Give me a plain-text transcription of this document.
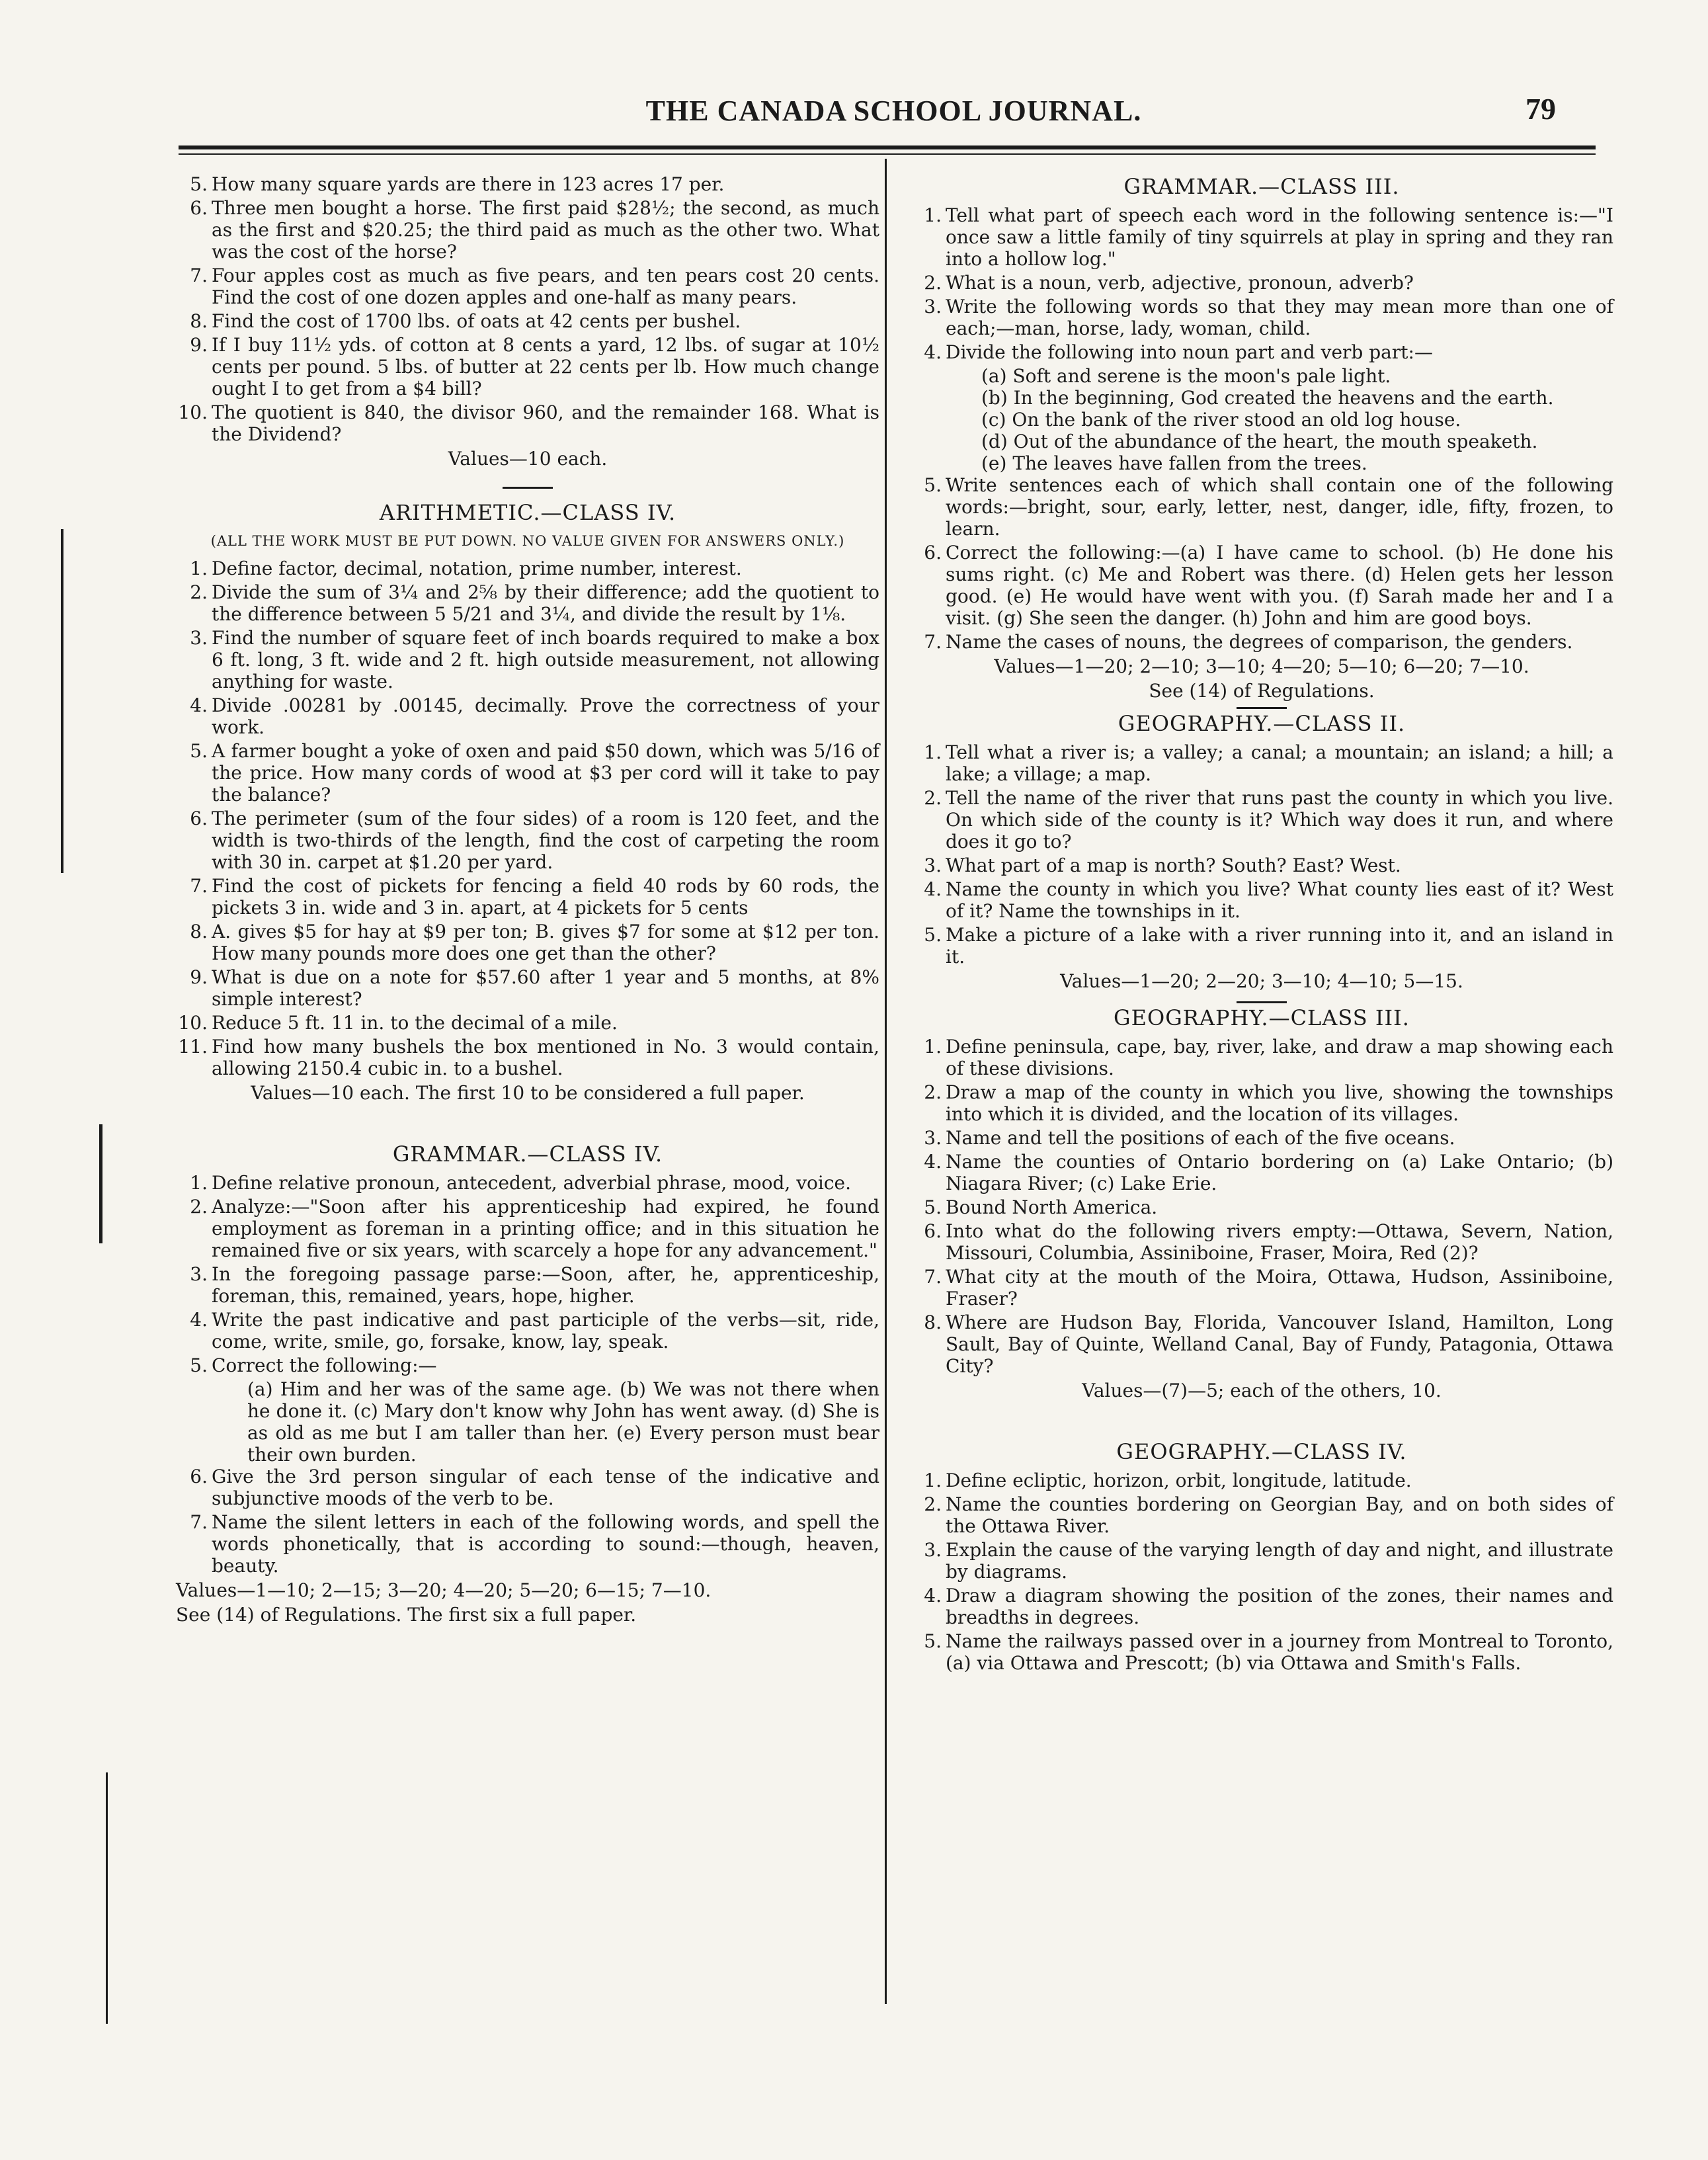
THE CANADA SCHOOL JOURNAL.	79
5. How many square yards are there in 123 acres 17 per.
6. Three men bought a horse. The first paid $28½; the second, as much as the first and $20.25; the third paid as much as the other two. What was the cost of the horse?
7. Four apples cost as much as five pears, and ten pears cost 20 cents. Find the cost of one dozen apples and one-half as many pears.
8. Find the cost of 1700 lbs. of oats at 42 cents per bushel.
9. If I buy 11½ yds. of cotton at 8 cents a yard, 12 lbs. of sugar at 10½ cents per pound. 5 lbs. of butter at 22 cents per lb. How much change ought I to get from a $4 bill?
10. The quotient is 840, the divisor 960, and the remainder 168. What is the Dividend?
Values—10 each.
ARITHMETIC.—CLASS IV.
(ALL THE WORK MUST BE PUT DOWN. NO VALUE GIVEN FOR ANSWERS ONLY.)
1. Define factor, decimal, notation, prime number, interest.
2. Divide the sum of 3¼ and 2⅝ by their difference; add the quotient to the difference between 5 5/21 and 3¼, and divide the result by 1⅛.
3. Find the number of square feet of inch boards required to make a box 6 ft. long, 3 ft. wide and 2 ft. high outside measurement, not allowing anything for waste.
4. Divide .00281 by .00145, decimally. Prove the correctness of your work.
5. A farmer bought a yoke of oxen and paid $50 down, which was 5/16 of the price. How many cords of wood at $3 per cord will it take to pay the balance?
6. The perimeter (sum of the four sides) of a room is 120 feet, and the width is two-thirds of the length, find the cost of carpeting the room with 30 in. carpet at $1.20 per yard.
7. Find the cost of pickets for fencing a field 40 rods by 60 rods, the pickets 3 in. wide and 3 in. apart, at 4 pickets for 5 cents
8. A. gives $5 for hay at $9 per ton; B. gives $7 for some at $12 per ton. How many pounds more does one get than the other?
9. What is due on a note for $57.60 after 1 year and 5 months, at 8% simple interest?
10. Reduce 5 ft. 11 in. to the decimal of a mile.
11. Find how many bushels the box mentioned in No. 3 would contain, allowing 2150.4 cubic in. to a bushel.
Values—10 each. The first 10 to be considered a full paper.
GRAMMAR.—CLASS IV.
1. Define relative pronoun, antecedent, adverbial phrase, mood, voice.
2. Analyze:—"Soon after his apprenticeship had expired, he found employment as foreman in a printing office; and in this situation he remained five or six years, with scarcely a hope for any advancement."
3. In the foregoing passage parse:—Soon, after, he, apprenticeship, foreman, this, remained, years, hope, higher.
4. Write the past indicative and past participle of the verbs—sit, ride, come, write, smile, go, forsake, know, lay, speak.
5. Correct the following:—
(a) Him and her was of the same age. (b) We was not there when he done it. (c) Mary don't know why John has went away. (d) She is as old as me but I am taller than her. (e) Every person must bear their own burden.
6. Give the 3rd person singular of each tense of the indicative and subjunctive moods of the verb to be.
7. Name the silent letters in each of the following words, and spell the words phonetically, that is according to sound:—though, heaven, beauty.
Values—1—10; 2—15; 3—20; 4—20; 5—20; 6—15; 7—10.
See (14) of Regulations. The first six a full paper.
GRAMMAR.—CLASS III.
1. Tell what part of speech each word in the following sentence is:—"I once saw a little family of tiny squirrels at play in spring and they ran into a hollow log."
2. What is a noun, verb, adjective, pronoun, adverb?
3. Write the following words so that they may mean more than one of each;—man, horse, lady, woman, child.
4. Divide the following into noun part and verb part:—
(a) Soft and serene is the moon's pale light.
(b) In the beginning, God created the heavens and the earth.
(c) On the bank of the river stood an old log house.
(d) Out of the abundance of the heart, the mouth speaketh.
(e) The leaves have fallen from the trees.
5. Write sentences each of which shall contain one of the following words:—bright, sour, early, letter, nest, danger, idle, fifty, frozen, to learn.
6. Correct the following:—(a) I have came to school. (b) He done his sums right. (c) Me and Robert was there. (d) Helen gets her lesson good. (e) He would have went with you. (f) Sarah made her and I a visit. (g) She seen the danger. (h) John and him are good boys.
7. Name the cases of nouns, the degrees of comparison, the genders.
Values—1—20; 2—10; 3—10; 4—20; 5—10; 6—20; 7—10.
See (14) of Regulations.
GEOGRAPHY.—CLASS II.
1. Tell what a river is; a valley; a canal; a mountain; an island; a hill; a lake; a village; a map.
2. Tell the name of the river that runs past the county in which you live. On which side of the county is it? Which way does it run, and where does it go to?
3. What part of a map is north? South? East? West.
4. Name the county in which you live? What county lies east of it? West of it? Name the townships in it.
5. Make a picture of a lake with a river running into it, and an island in it.
Values—1—20; 2—20; 3—10; 4—10; 5—15.
GEOGRAPHY.—CLASS III.
1. Define peninsula, cape, bay, river, lake, and draw a map showing each of these divisions.
2. Draw a map of the county in which you live, showing the townships into which it is divided, and the location of its villages.
3. Name and tell the positions of each of the five oceans.
4. Name the counties of Ontario bordering on (a) Lake Ontario; (b) Niagara River; (c) Lake Erie.
5. Bound North America.
6. Into what do the following rivers empty:—Ottawa, Severn, Nation, Missouri, Columbia, Assiniboine, Fraser, Moira, Red (2)?
7. What city at the mouth of the Moira, Ottawa, Hudson, Assiniboine, Fraser?
8. Where are Hudson Bay, Florida, Vancouver Island, Hamilton, Long Sault, Bay of Quinte, Welland Canal, Bay of Fundy, Patagonia, Ottawa City?
Values—(7)—5; each of the others, 10.
GEOGRAPHY.—CLASS IV.
1. Define ecliptic, horizon, orbit, longitude, latitude.
2. Name the counties bordering on Georgian Bay, and on both sides of the Ottawa River.
3. Explain the cause of the varying length of day and night, and illustrate by diagrams.
4. Draw a diagram showing the position of the zones, their names and breadths in degrees.
5. Name the railways passed over in a journey from Montreal to Toronto, (a) via Ottawa and Prescott; (b) via Ottawa and Smith's Falls.
